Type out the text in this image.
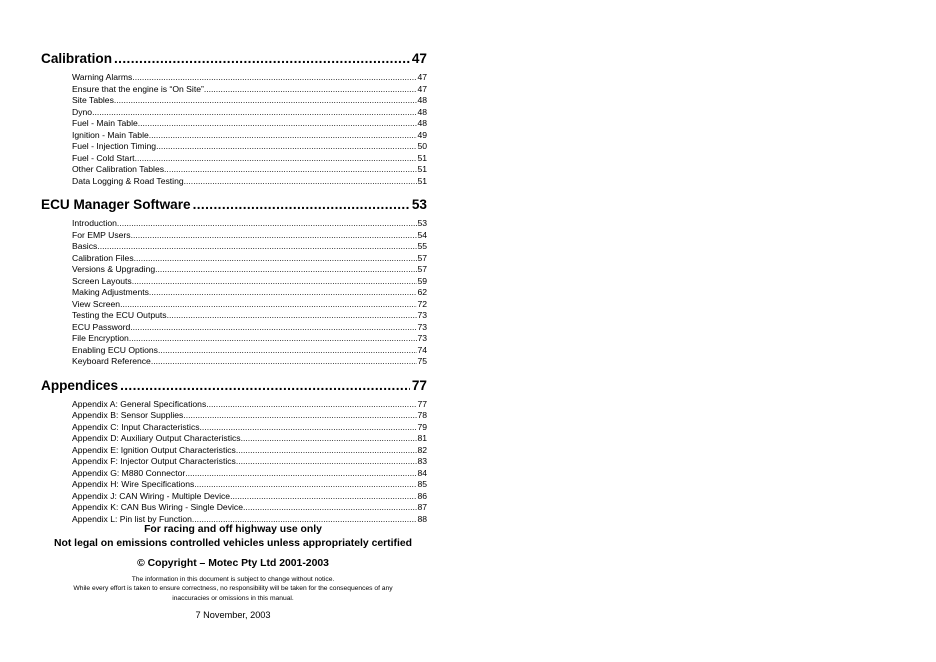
Calibration .....	47
Warning Alarms .....	47
Ensure that the engine is “On Site” .....	47
Site Tables .....	48
Dyno .....	48
Fuel - Main Table .....	48
Ignition - Main Table .....	49
Fuel - Injection Timing .....	50
Fuel - Cold Start .....	51
Other Calibration Tables .....	51
Data Logging & Road Testing .....	51
ECU Manager Software .....	53
Introduction .....	53
For EMP Users .....	54
Basics .....	55
Calibration Files .....	57
Versions & Upgrading .....	57
Screen Layouts .....	59
Making Adjustments .....	62
View Screen .....	72
Testing the ECU Outputs .....	73
ECU Password .....	73
File Encryption .....	73
Enabling ECU Options .....	74
Keyboard Reference .....	75
Appendices .....	77
Appendix A: General Specifications .....	77
Appendix B: Sensor Supplies .....	78
Appendix C: Input Characteristics .....	79
Appendix D: Auxiliary Output Characteristics .....	81
Appendix E: Ignition Output Characteristics .....	82
Appendix F: Injector Output Characteristics .....	83
Appendix G: M880 Connector .....	84
Appendix H: Wire Specifications .....	85
Appendix J: CAN Wiring - Multiple Device .....	86
Appendix K: CAN Bus Wiring - Single Device .....	87
Appendix L: Pin list by Function .....	88
For racing and off highway use only
Not legal on emissions controlled vehicles unless appropriately certified
© Copyright – Motec Pty Ltd 2001-2003
The information in this document is subject to change without notice.
While every effort is taken to ensure correctness, no responsibility will be taken for the consequences of any
inaccuracies or omissions in this manual.
7 November, 2003
